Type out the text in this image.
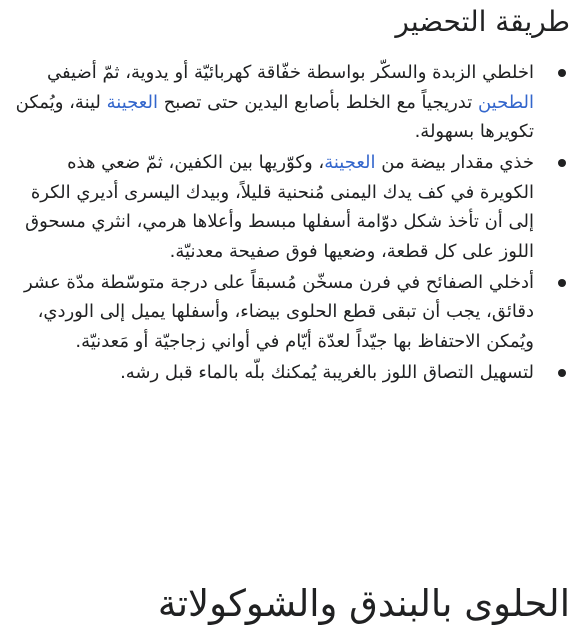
طريقة التحضير
اخلطي الزبدة والسكّر بواسطة خفّاقة كهربائيّة أو يدوية، ثمّ أضيفي الطحين تدريجياً مع الخلط بأصابع اليدين حتى تصبح العجينة لينة، ويُمكن تكويرها بسهولة.
خذي مقدار بيضة من العجينة، وكوّريها بين الكفين، ثمّ ضعي هذه الكويرة في كف يدك اليمنى مُنحنية قليلاً، وبيدك اليسرى أديري الكرة إلى أن تأخذ شكل دوّامة أسفلها مبسط وأعلاها هرمي، انثري مسحوق اللوز على كل قطعة، وضعيها فوق صفيحة معدنيّة.
أدخلي الصفائح في فرن مسخّن مُسبقاً على درجة متوسّطة مدّة عشر دقائق، يجب أن تبقى قطع الحلوى بيضاء، وأسفلها يميل إلى الوردي، ويُمكن الاحتفاظ بها جيّداً لعدّة أيّام في أواني زجاجيّة أو مَعدنيّة.
لتسهيل التصاق اللوز بالغريبة يُمكنك بلّه بالماء قبل رشه.
الحلوى بالبندق والشوكولاتة
